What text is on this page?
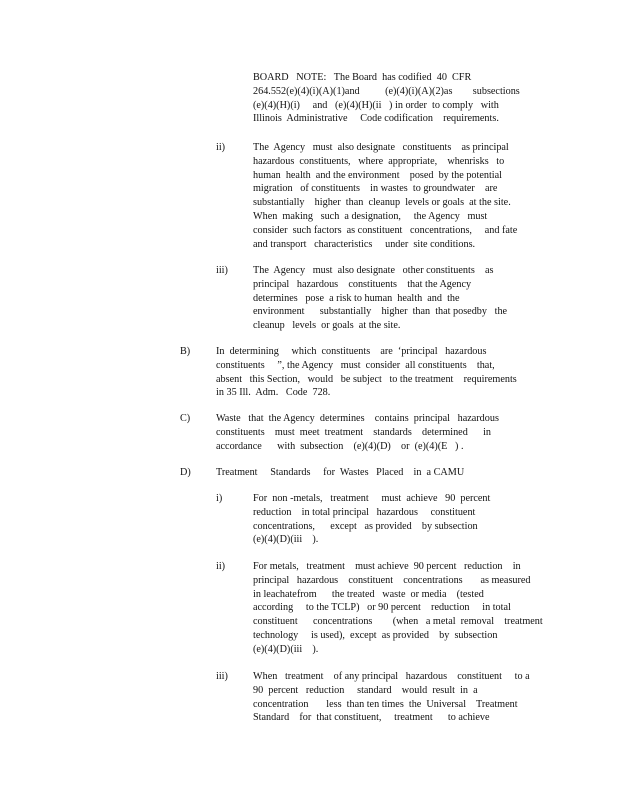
BOARD   NOTE:   The Board  has codified  40  CFR
264.552(e)(4)(i)(A)(1)and          (e)(4)(i)(A)(2)as        subsections
(e)(4)(H)(i)     and   (e)(4)(H)(ii   ) in order  to comply   with
Illinois  Administrative     Code codification    requirements.
ii)	The  Agency   must  also designate   constituents    as principal
hazardous  constituents,   where  appropriate,    whenrisks   to
human  health  and the environment    posed  by the potential
migration   of constituents    in wastes  to groundwater    are
substantially    higher  than  cleanup  levels or goals  at the site.
When  making   such  a designation,     the Agency   must
consider  such factors  as constituent   concentrations,     and fate
and transport   characteristics     under  site conditions.
iii) The  Agency   must  also designate   other constituents    as
principal   hazardous    constituents    that the Agency
determines   pose  a risk to human  health  and  the
environment      substantially    higher  than  that posedby   the
cleanup   levels  or goals  at the site.
B)	In  determining     which  constituents    are  ‘principal   hazardous
constituents     ”, the Agency   must  consider  all constituents    that,
absent   this Section,   would   be subject   to the treatment    requirements
in 35 Ill.  Adm.   Code  728.
C)	Waste   that  the Agency  determines    contains  principal   hazardous
constituents    must  meet  treatment    standards    determined      in
accordance      with  subsection    (e)(4)(D)    or  (e)(4)(E   ) .
D) Treatment     Standards     for  Wastes   Placed    in  a CAMU
i)	For  non -metals,   treatment     must  achieve   90  percent
reduction    in total principal   hazardous     constituent
concentrations,      except   as provided    by subsection
(e)(4)(D)(iii    ).
ii)	For metals,   treatment    must achieve  90 percent   reduction    in
principal   hazardous    constituent    concentrations       as measured
in leachatefrom      the treated   waste  or media    (tested
according     to the TCLP)   or 90 percent    reduction     in total
constituent      concentrations        (when   a metal  removal    treatment
technology     is used),  except  as provided    by  subsection
(e)(4)(D)(iii    ).
iii) When   treatment    of any principal   hazardous    constituent     to a
90  percent   reduction     standard    would  result  in  a
concentration       less  than ten times  the  Universal    Treatment
Standard    for  that constituent,     treatment      to achieve
